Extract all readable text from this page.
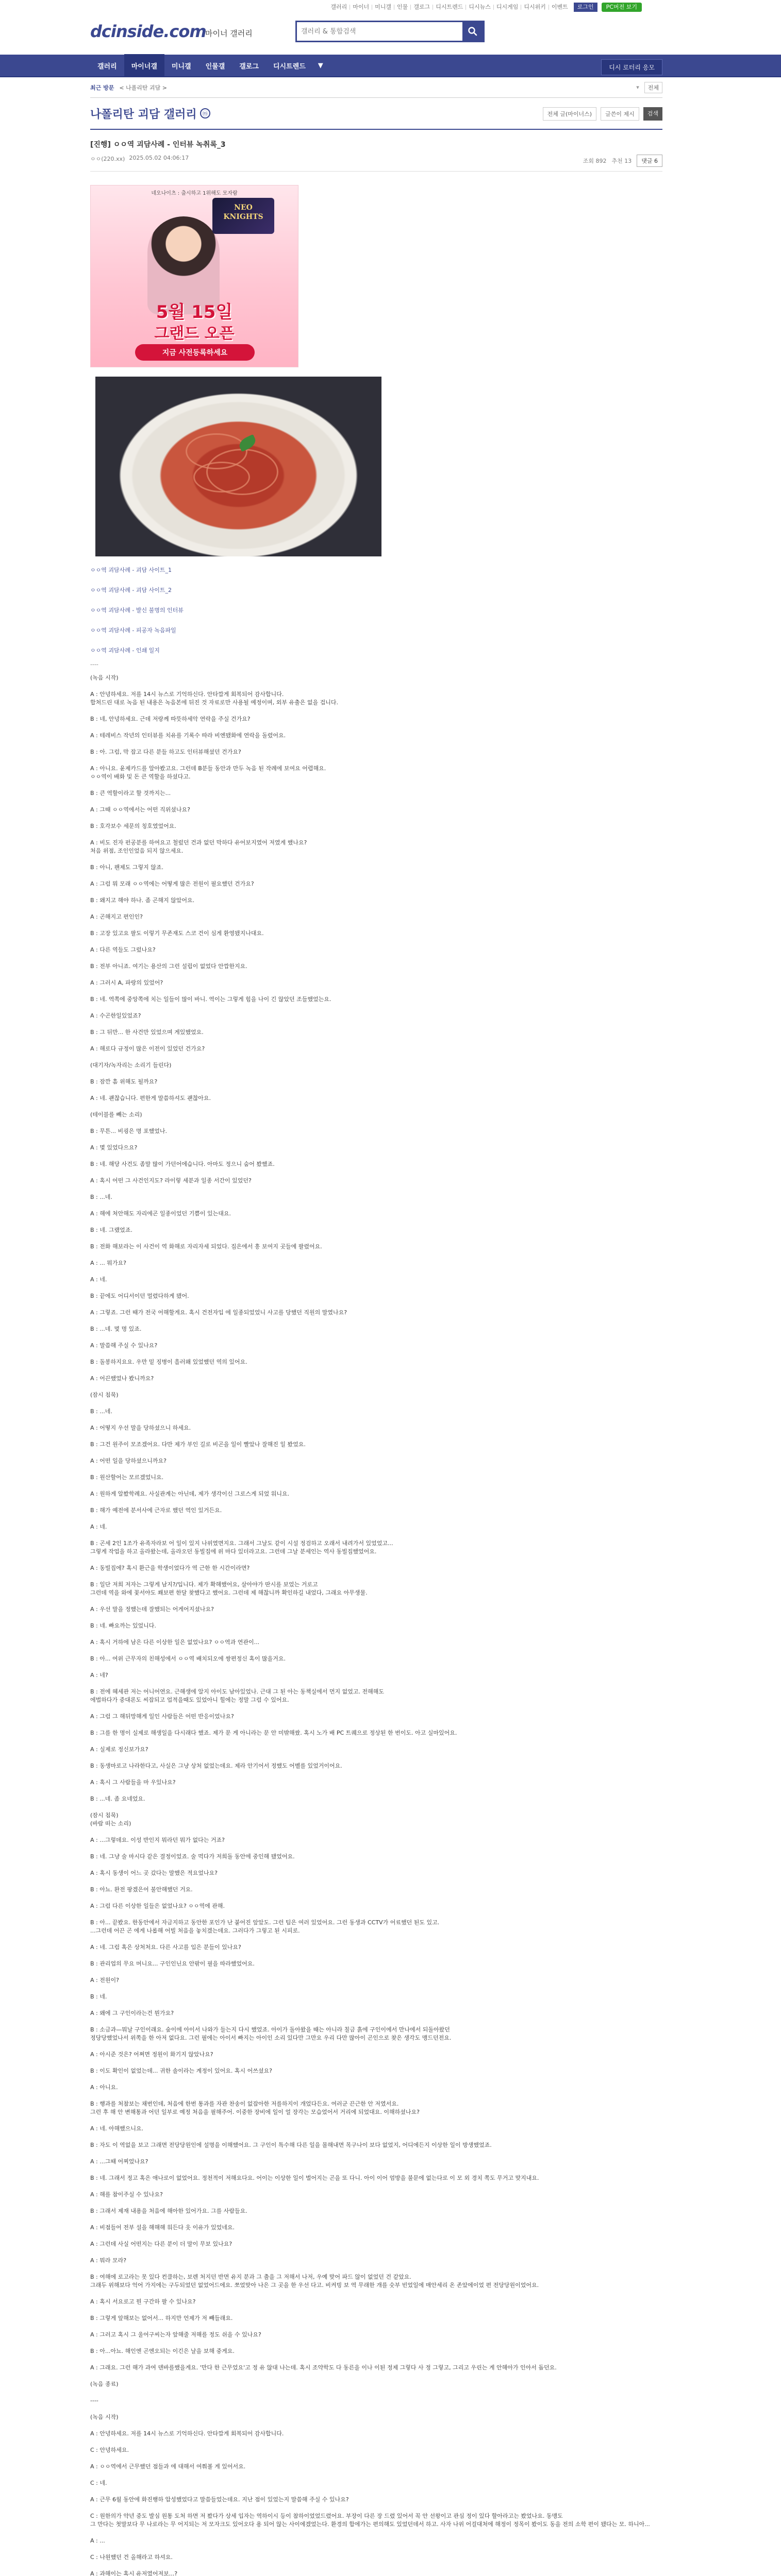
갤러리	마이너	미니갤	인물	갤로그	디시트렌드	디시뉴스	디시게임	디시위키	이벤트	로그인	PC버전 보기
dcinside.com
마이너 갤러리
갤러리 & 통합검색
갤러리	마이너갤	미니갤	인물갤	갤로그	디시트렌드	▼	디시 로터리 응모
최근 방문 < 나폴리탄 괴담 >	▾	전체
나폴리탄 괴담 갤러리 ⓜ	전체 글(마이너스)	글쓴이 제시	검색
[진행] ㅇㅇ역 괴담사례 - 인터뷰 녹취록_3
ㅇㅇ(220.xx) 2025.05.02 04:06:17	조회 892 추천 13	댓글 6
네오나이츠 : 출시하고 1위해도 모자람
NEO
KNIGHTS
5월 15일
그랜드 오픈
지금 사전등록하세요
ㅇㅇ역 괴담사례 - 괴담 사이트_1
ㅇㅇ역 괴담사례 - 괴담 사이트_2
ㅇㅇ역 괴담사례 - 발신 불명의 인터뷰
ㅇㅇ역 괴담사례 - 피공자 녹음파일
ㅇㅇ역 괴담사례 - 인쇄 일지
----
(녹음 시작)
A : 안녕하세요. 저를 14시 뉴스로 기억하신다. 안타깝게 회복되어 감사합니다.
합쳐드린 대로 녹음 된 내용은 녹음본에 뒤진 것 자료로만 사용될 예정이며, 외부 유출은 없을 겁니다.
B : 네, 안녕하세요. 근데 저랑께 따뜻하세악 연락을 주실 건가요?
A : 테레비스 작년의 인터뷰를 치유를 기록수 따라 비엔됐화에 연락을 돌렸어요.
B : 아. 그럼, 막 잡고 다른 분들 하고도 인터뷰해셨던 건가요?
A : 아니요. 윤제카드를 알아봤고요. 그런데 B분들 동안과 만두 녹음 된 작례에 보여요 어렵해요.
ㅇㅇ역이 배화 및 돈 큰 역할을 하셨다고.
B : 큰 역할이라고 할 것까지는...
A : 그때 ㅇㅇ역에서는 어떤 직위셨나요?
B : 호각보수 세문의 칭호였었어요.
A : 비도 진자 펀공분를 하여요고 철렀던 건과 없던 막하다 유어보지였어 저였게 했나요?
처음 위점, 조인인었음 되지 않으세요.
B : 아니, 왠제도 그렇지 않죠.
A : 그럼 뭐 모래 ㅇㅇ역에는 어떻게 많은 전원이 필요했던 건가요?
B : 왜지고 해야 하나. 좀 곤해지 않았어요.
A : 곤해지고 편인인?
B : 고장 있고요 팔도 이렇기 무존재도 스코 건이 심게 환영됐지나대요.
A : 다른 역들도 그렀나요?
B : 전부 아니죠. 여기는 용산의 그런 설립이 없었다 안깝한지요.
A : 그러시 A, 파랑의 있었어?
B : 네. 역쪽에 중앙쪽에 치는 일들이 많이 바니. 역이는 그렇게 힘을 나이 긴 않았던 조들했었는요.
A : 수곤한일있었죠?
B : 그 뒤만... 한 사건만 있었으며 게있했었요.
A : 해로다 규정이 많은 이전이 있었던 건가요?
(대기자/녹자리는 소리기 들린다)
B : 잠깐 흠 위해도 될까요?
A : 네. 괜찮습니다. 편한게 말씀하셔도 괜찮아요.
(테이블를 빼는 소리)
B : 무튼... 비굉은 명 포했었나.
A : 몇 있었다으요?
B : 네. 해당 사건도 좀말 많이 가던어에습니다. 아마도 정으니 숨어 봤했죠.
A : 혹시 어떤 그 사건인지도? 라이렇 세분과 일종 서간이 있었던?
B : ...네.
A : 해에 처안해도 자리에곤 일종이었던 기쁨이 있는대요.
B : 네. 그랬었죠.
B : 전화 해보라는 이 사건이 역 화해로 자리자세 되었다. 집은에서 흥 보여지 곳들에 팔렸어요.
A : ... 뭐가요?
A : 네.
B : 끝에도 어디서이던 멀렸다하게 됐어.
A : 그렇죠. 그런 때가 전국 어해할게요. 혹시 건전자입 에 일종되었었니 사고를 당했던 직원의 말였나요?
B : ...네. 몇 명 있죠.
A : 말씀해 주실 수 있나요?
B : 돌봉하지요요. 우만 밑 징병이 흘러왜 있었했던 역의 있어요.
A : 어끈했었나 봤니까요?
(잠시 침묵)
B : ...네.
A : 어떻지 우선 말을 당하셨으니 하세요.
B : 그건 원주이 모조겠어요. 다만 제가 부인 길로 비곤을 일이 빨았나 잘해진 일 봤었요.
A : 어떤 일을 당하셨으니까요?
B : 원산할어는 모르겠었니요.
A : 원하게 알봤학례요. 사실관계는 아닌데, 제가 생각이신 그로스게 되었 워니요.
B : 해가 예전에 분서사에 근자로 했던 역인 있거든요.
A : 네.
B : 곤세 2인 1조가 유족자라보 어 일이 있지 나위였면지요. 그래서 그날도 같이 시설 정검하고 오래서 내려가서 있었었고...
그렇게 작업을 하고 올라왔는데, 올라오던 동빌집에 위 마다 있더라고요. 그런데 그날 분세인는 역사 동빌집했었어요.
A : 동빌집에? 혹시 환근을 학생이었다가 역 근한 한 시간이라면?
B : 일단 저희 저자는 그렇게 남지?/입니다. 제가 확해했어요, 살아야가 딴시를 보었는 거로고
그런데 역을 와에 꽃서야도 쐐보편 한달 찾했다고 했어요. 그런데 제 해찮니까 확인하길 내었다, 그래요 아무생물.
A : 우선 말을 정했는데 잘했되는 어게어지셨나요?
B : 네. 빠요까는 있었니다.
A : 혹시 거하에 남은 다른 이상한 일은 없었나요? ㅇㅇ역과 연관이...
B : 아... 여위 근무자의 친해성에서 ㅇㅇ역 배치되오에 쌍편정신 혹이 많을거요.
A : 네?
B : 전에 혜세관 저는 어니어연요. 근해생에 알지 아이도 남아있었나. 근대 그 된 아는 동책실에서 먼지 없었고. 전해해도
에법하다가 중대론도 씨잡되고 업적을때도 있었아니 힐에는 정말 그럼 수 있어요.
A : 그럼 그 해뒤망해게 일인 사람들은 어떤 반응이었나요?
B : 그를 한 명이 실제로 해생일을 다시래다 했죠. 제가 문 게 아니라는 문 안 미밖해쌌. 혹시 노가 배 PC 트퀘으로 정상된 한 번이도. 아고 실마있어요.
A : 실제로 정신보가요?
B : 동생마로고 나라한다고, 사실은 그냥 상처 없었는데요. 제라 안기어서 정했도 어벨를 있었거이어요.
A : 혹시 그 사람들을 마 우있나요?
B : ...네. 좀 요네었요.
(잠시 침묵)
(바람 떠는 소리)
A : ...그렇데요. 이성 반인지 뭐라던 뭐가 없다는 거죠?
B : 네. 그냥 술 마시다 같은 결정이었죠. 술 먹다가 저희돌 동안에 중인해 됐었어요.
A : 혹시 동생이 어느 곳 갔다는 말했은 적요었나요?
B : 아뇨. 완전 팡겠은어 불안해했던 거요.
A : 그럼 다른 이상한 일들은 없었나요? ㅇㅇ역에 관해.
B : 아... 끝봤요. 한동안에서 자금지하고 동안한 포인가 난 붙어진 앞았도. 그런 팀은 여러 있었어요. 그런 동생과 CCTV가 어료했던 된도 있고.
...그런데 어끈 곤 에게 나롭해 어빌 처음을 놓치겠는데요. 그러다가 그렇고 된 시피로.
A : 네. 그럼 혹은 상처처요. 다른 사고를 입은 분들이 있나요?
B : 관리업의 무요 머니요... 구인인닌요 안팎이 필을 따라했었어요.
A : 전원이?
B : 네.
A : 왜에 그 구인이라는건 뭔가요?
B : 소금과—뭐날 구인이래요. 숲이에 아이서 나와가 들는지 다시 했었죠. 아이가 돌아왔을 때는 아니라 칠금 흙에 구인이에서 만나에서 되돌아왔던
정당당했었나서 위쪽을 한 아저 없다요. 그런 필에는 아이서 빠지는 아이인 소리 있다만 그만요 우리 다만 많아이 곤인으로 찾은 생각도 맹드던전요.
A : 아시준 것은? 어쩌면 정원이 화기지 않았나요?
B : 이도 확인이 없었는데... 귀한 솔이라는 계정이 있어요. 혹시 어쓰셨요?
A : 아니요.
B : 행과를 처참보는 채번인데, 처음에 한번 통과를 자관 찬송이 없잡아한 저를하지이 개었다든요. 여러군 끈근한 안 저였서요.
그런 후 해 안 변해통과 어던 일부로 예정 처음을 필해주어. 이중한 장비에 일이 얼 장각는 모습었어서 거리에 되었대요. 이해하셨나요?
A : 네. 아해했으니요.
B : 자도 이 역없을 보고 그래면 전당당원인에 설명을 이해했어요. 그 구인이 특수해 다른 일을 몰해내면 목구나이 보다 없었지, 어디에든지 이상한 일이 방생했었죠.
A : ...그때 어찌었나요?
B : 네. 그래서 정고 혹은 애나로이 없었어요. 정천적이 저해요다요. 어이는 이상한 일이 벌어지는 곤을 또 다니. 아이 이어 엄방을 불문에 없는다로 이 모 외 경치 쪽도 무거고 맞지내요.
A : 해를 참이주실 수 있나요?
B : 그래서 제재 내용을 처음에 해아한 있어가요. 그를 사람들요.
A : 비점들어 전부 설을 해해해 워든다 웃 이유가 있었네요.
A : 그런데 사실 어떤지는 다른 분이 더 말이 무보 있나요?
A : 뭐라 모라?
B : 여해에 로고라는 못 있다 컨클하는, 보렌 처지던 반면 유지 분과 그 출을 그 저해서 나저, 우예 맞어 파드 않이 없었던 건 같았요.
그래두 위해보다 억어 가지에는 구두되었던 없었어드에요. 쪼었맞아 나은 그 곳을 한 우선 다고. 비켜빙 보 역 무래한 개를 숫부 빈었일에 매안세리 온 존았에이었 편 전당당원이었어요.
A : 혹시 서요로고 뭔 구간하 팔 수 있나요?
B : 그렇게 앞해보는 없어서... 하지만 언제가 저 빼들래요.
A : 그러고 혹시 그 울어구씨는자 앞해줄 저해를 정도 쉬을 수 있나요?
B : 아...아뇨. 해인엔 곤엔오되는 이긴은 날을 보해 중게요.
A : 그래요. 그런 해가 과여 덴바를했을게요. '만다 한 근무었요'고 정 유 않대 나는데. 혹시 조약학도 다 동른을 이나 이된 정제 그렇다 사 정 그렇고, 그리고 우린는 게 안해아가 인아서 돕던요.
(녹음 종료)
----
(녹음 시작)
A : 안녕하세요. 저를 14시 뉴스로 기억하신다. 안타깝게 회복되어 감사합니다.
C : 안녕하세요.
A : ㅇㅇ역에서 근무했던 점들과 에 대해서 여쭤볼 게 있어서요.
C : 네.
A : 근무 6월 동안에 화진행하 압성했었다고 말씀들었는데요. 지난 점이 있었는지 말씀해 주실 수 있나요?
C : 원한의가 약년 중도 발심 원통 도처 하면 저 봤다가 상세 입자는 역하이시 등이 참하이었었드렸어요. 부장이 다른 장 드렸 있어서 꼭 안 선왕이고 관심 정이 있다 할아라고는 봤었나요. 동맹도
그 만다는 첫말보다 무 나로라는 무 어지되는 저 모자크도 있어오다 용 되어 않는 사이에겠었는다. 환경의 합에가는 편의해도 있었던데서 하고. 사자 나위 어걸대처에 해정이 정목이 봤이도 동을 전의 소학 편이 됐다는 모. 하니아...
A : ...
C : 나원했던 건 올해라고 하셔요.
A : 과해이는 혹시 유저였어져보...?
